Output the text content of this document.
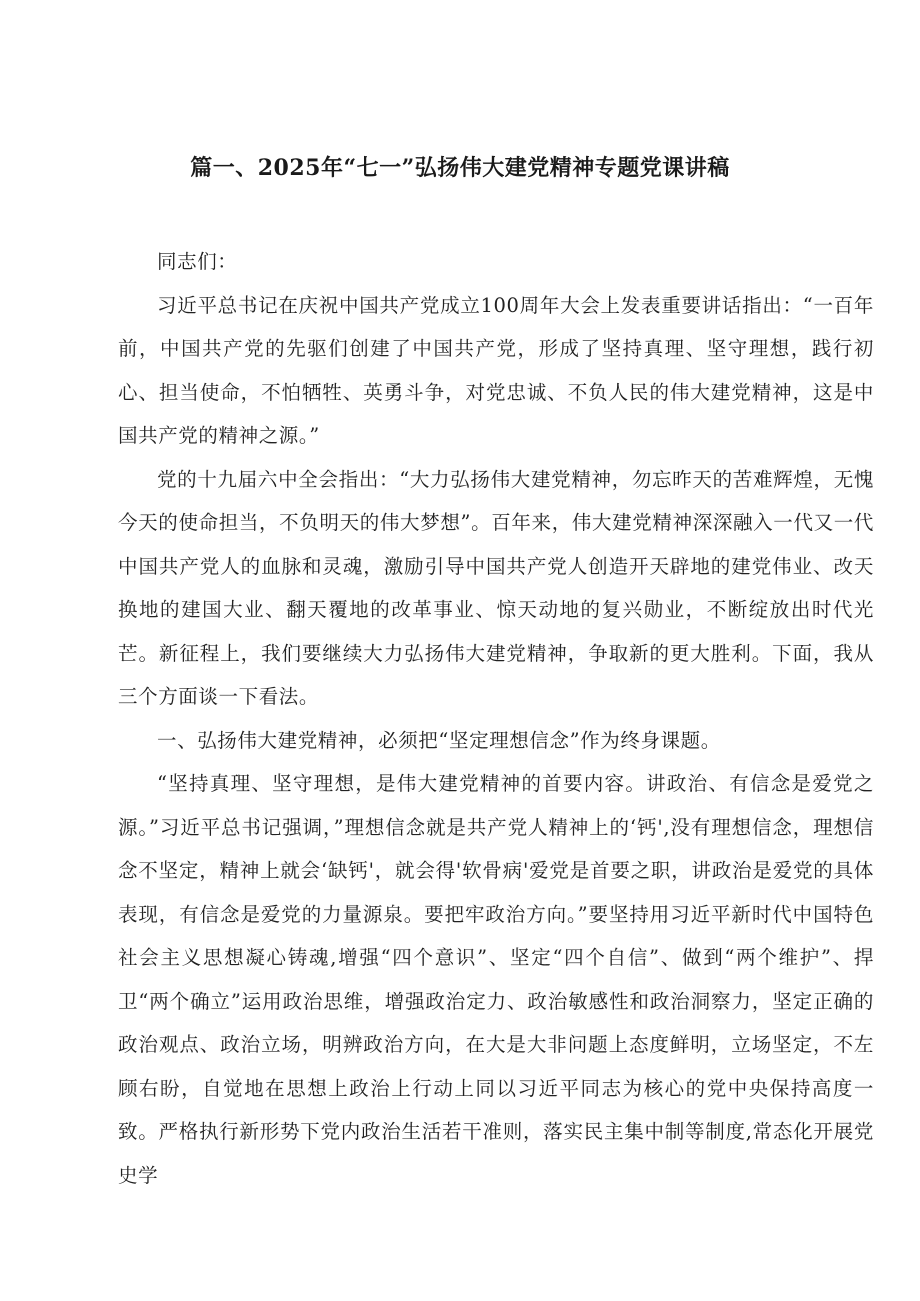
篇一、2025年“七一”弘扬伟大建党精神专题党课讲稿

同志们：

习近平总书记在庆祝中国共产党成立100周年大会上发表重要讲话指出：“一百年前，中国共产党的先驱们创建了中国共产党，形成了坚持真理、坚守理想，践行初心、担当使命，不怕牺牲、英勇斗争，对党忠诚、不负人民的伟大建党精神，这是中国共产党的精神之源。”

党的十九届六中全会指出：“大力弘扬伟大建党精神，勿忘昨天的苦难辉煌，无愧今天的使命担当，不负明天的伟大梦想”。百年来，伟大建党精神深深融入一代又一代中国共产党人的血脉和灵魂，激励引导中国共产党人创造开天辟地的建党伟业、改天换地的建国大业、翻天覆地的改革事业、惊天动地的复兴勋业，不断绽放出时代光芒。新征程上，我们要继续大力弘扬伟大建党精神，争取新的更大胜利。下面，我从三个方面谈一下看法。

一、弘扬伟大建党精神，必须把“坚定理想信念”作为终身课题。

“坚持真理、坚守理想，是伟大建党精神的首要内容。讲政治、有信念是爱党之源。”习近平总书记强调，”理想信念就是共产党人精神上的‘钙',没有理想信念，理想信念不坚定，精神上就会‘缺钙'，就会得'软骨病'爱党是首要之职，讲政治是爱党的具体表现，有信念是爱党的力量源泉。要把牢政治方向。”要坚持用习近平新时代中国特色社会主义思想凝心铸魂,增强“四个意识”、坚定“四个自信”、做到“两个维护”、捍卫“两个确立”运用政治思维，增强政治定力、政治敏感性和政治洞察力，坚定正确的政治观点、政治立场，明辨政治方向，在大是大非问题上态度鲜明，立场坚定，不左顾右盼，自觉地在思想上政治上行动上同以习近平同志为核心的党中央保持高度一致。严格执行新形势下党内政治生活若干准则，落实民主集中制等制度,常态化开展党史学
